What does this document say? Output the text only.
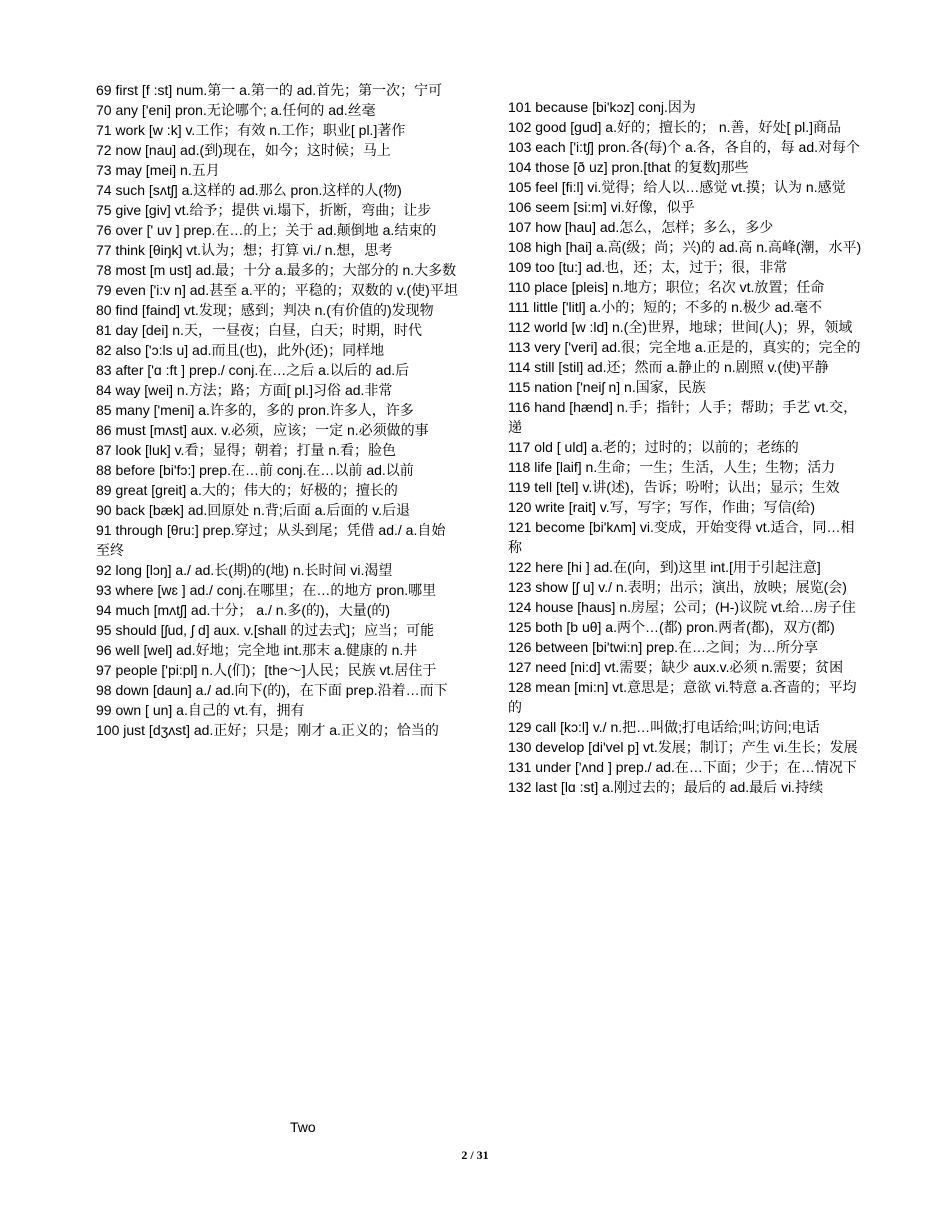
69 first [f :st] num.第一 a.第一的 ad.首先；第一次；宁可

70 any ['eni] pron.无论哪个; a.任何的 ad.丝毫

71 work [w :k] v.工作；有效 n.工作；职业[ pl.]著作

72 now [nau] ad.(到)现在，如今；这时候；马上

73 may [mei] n.五月

74 such [sʌtʃ] a.这样的 ad.那么 pron.这样的人(物)

75 give [giv] vt.给予；提供 vi.塌下，折断，弯曲；让步

76 over [' uv ] prep.在…的上；关于 ad.颠倒地 a.结束的

77 think [θiŋk] vt.认为；想；打算 vi./ n.想，思考

78 most [m ust] ad.最；十分 a.最多的；大部分的 n.大多数

79 even ['i:v n] ad.甚至 a.平的；平稳的；双数的 v.(使)平坦

80 find [faind] vt.发现；感到；判决 n.(有价值的)发现物

81 day [dei] n.天，一昼夜；白昼，白天；时期，时代

82 also ['ɔ:ls u] ad.而且(也)，此外(还)；同样地

83 after ['ɑ :ft ] prep./ conj.在…之后 a.以后的 ad.后

84 way [wei] n.方法；路；方面[ pl.]习俗 ad.非常

85 many ['meni] a.许多的，多的 pron.许多人，许多

86 must [mʌst] aux. v.必须，应该；一定 n.必须做的事

87 look [luk] v.看；显得；朝着；打量 n.看；脸色

88 before [bi'fɔ:] prep.在…前 conj.在…以前 ad.以前

89 great [greit] a.大的；伟大的；好极的；擅长的

90 back [bæk] ad.回原处 n.背;后面 a.后面的 v.后退

91 through [θru:] prep.穿过；从头到尾；凭借 ad./ a.自始至终

92 long [lɔŋ] a./ ad.长(期)的(地) n.长时间 vi.渴望

93 where [wɛ ] ad./ conj.在哪里；在…的地方 pron.哪里

94 much [mʌtʃ] ad.十分； a./ n.多(的)，大量(的)

95 should [ʃud, ʃ d] aux. v.[shall 的过去式]；应当；可能

96 well [wel] ad.好地；完全地 int.那末 a.健康的 n.井

97 people ['pi:pl] n.人(们)；[the～]人民；民族 vt.居住于

98 down [daun] a./ ad.向下(的)，在下面 prep.沿着…而下

99 own [ un] a.自己的 vt.有，拥有

100 just [dʒʌst] ad.正好；只是；刚才 a.正义的；恰当的

101 because [bi'kɔz] conj.因为

102 good [gud] a.好的；擅长的； n.善，好处[ pl.]商品

103 each ['i:tʃ] pron.各(每)个 a.各，各自的，每 ad.对每个

104 those [ð uz] pron.[that 的复数]那些

105 feel [fi:l] vi.觉得；给人以…感觉 vt.摸；认为 n.感觉

106 seem [si:m] vi.好像，似乎

107 how [hau] ad.怎么，怎样；多么，多少

108 high [hai] a.高(级；尚；兴)的 ad.高 n.高峰(潮，水平)

109 too [tu:] ad.也，还；太，过于；很，非常

110 place [pleis] n.地方；职位；名次 vt.放置；任命

111 little ['litl] a.小的；短的；不多的 n.极少 ad.毫不

112 world [w :ld] n.(全)世界，地球；世间(人)；界，领域

113 very ['veri] ad.很；完全地 a.正是的，真实的；完全的

114 still [stil] ad.还；然而 a.静止的 n.剧照 v.(使)平静

115 nation ['neiʃ n] n.国家，民族

116 hand [hænd] n.手；指针；人手；帮助；手艺 vt.交，递

117 old [ uld] a.老的；过时的；以前的；老练的

118 life [laif] n.生命；一生；生活，人生；生物；活力

119 tell [tel] v.讲(述)，告诉；吩咐；认出；显示；生效

120 write [rait] v.写，写字；写作，作曲；写信(给)

121 become [bi'kʌm] vi.变成，开始变得 vt.适合，同…相称

122 here [hi ] ad.在(向，到)这里 int.[用于引起注意]

123 show [ʃ u] v./ n.表明；出示；演出，放映；展览(会)

124 house [haus] n.房屋；公司；(H-)议院 vt.给…房子住

125 both [b uθ] a.两个…(都) pron.两者(都)，双方(都)

126 between [bi'twi:n] prep.在…之间；为…所分享

127 need [ni:d] vt.需要；缺少 aux.v.必须 n.需要；贫困

128 mean [mi:n] vt.意思是；意欲 vi.特意 a.吝啬的；平均的

129 call [kɔ:l] v./ n.把…叫做;打电话给;叫;访问;电话

130 develop [di'vel p] vt.发展；制订；产生 vi.生长；发展

131 under ['ʌnd ] prep./ ad.在…下面；少于；在…情况下

132 last [lɑ :st] a.刚过去的；最后的 ad.最后 vi.持续

Two
2 / 31
